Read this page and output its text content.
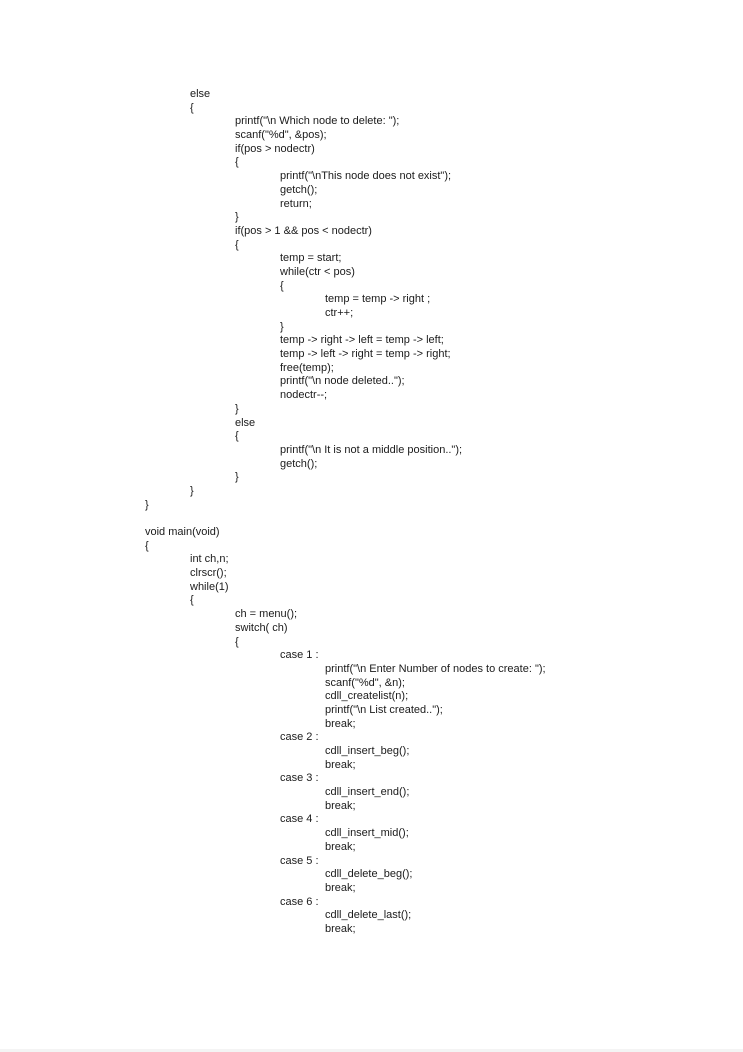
else
{
printf("\n Which node to delete: ");
scanf("%d", &pos);
if(pos > nodectr)
{
printf("\nThis node does not exist");
getch();
return;
}
if(pos > 1 && pos < nodectr)
{
temp = start;
while(ctr < pos)
{
temp = temp -> right ;
ctr++;
}
temp -> right -> left = temp -> left;
temp -> left -> right = temp -> right;
free(temp);
printf("\n node deleted..");
nodectr--;
}
else
{
printf("\n It is not a middle position..");
getch();
}
}
}
void main(void)
{
int ch,n;
clrscr();
while(1)
{
ch = menu();
switch( ch)
{
case 1 :
printf("\n Enter Number of nodes to create: ");
scanf("%d", &n);
cdll_createlist(n);
printf("\n List created..");
break;
case 2 :
cdll_insert_beg();
break;
case 3 :
cdll_insert_end();
break;
case 4 :
cdll_insert_mid();
break;
case 5 :
cdll_delete_beg();
break;
case 6 :
cdll_delete_last();
break;
